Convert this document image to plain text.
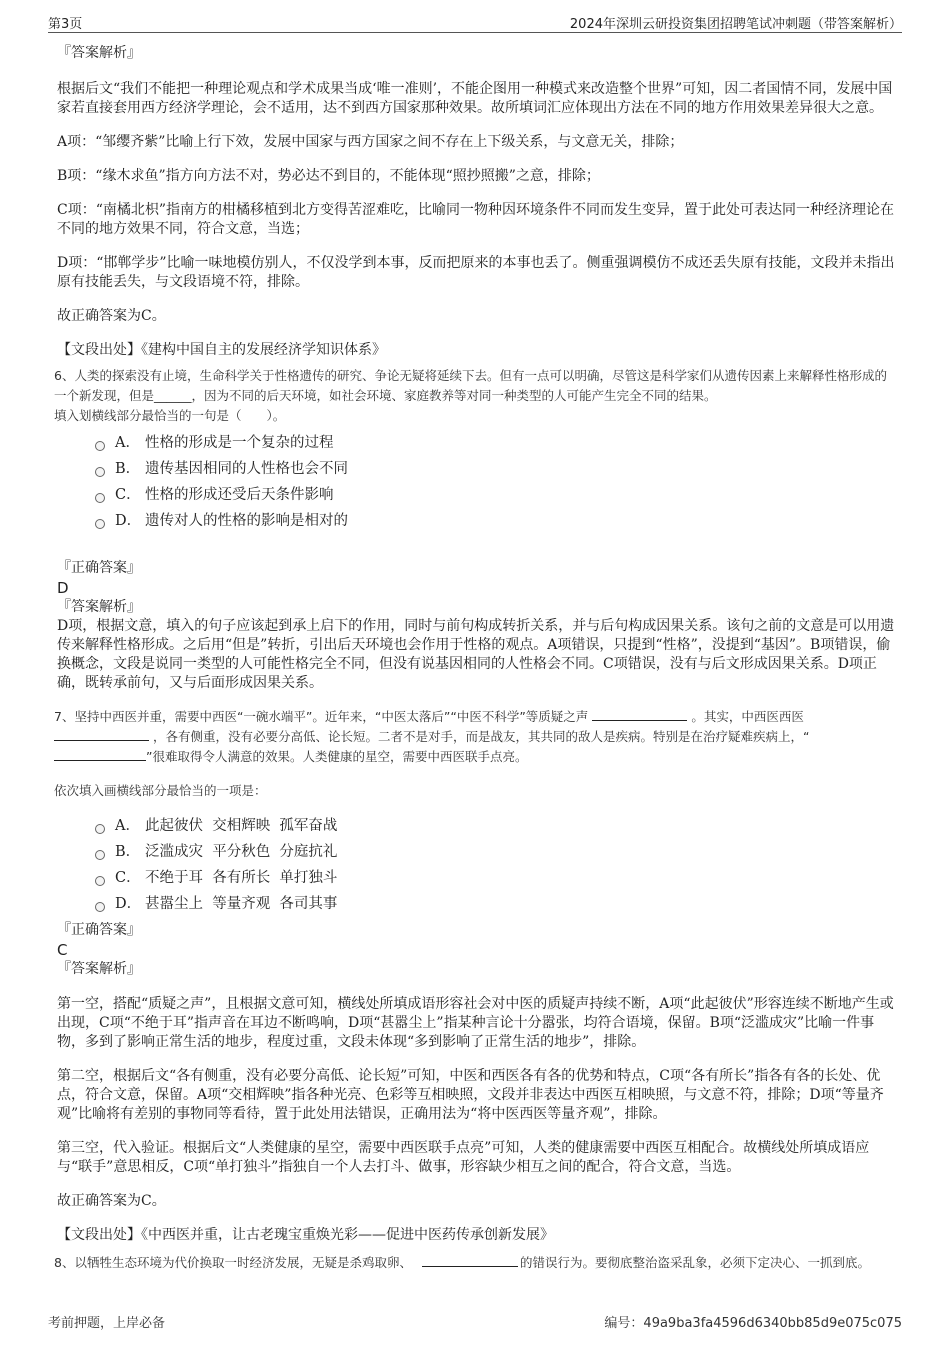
第3页	2024年深圳云研投资集团招聘笔试冲刺题（带答案解析）

『答案解析』

根据后文“我们不能把一种理论观点和学术成果当成‘唯一准则’，不能企图用一种模式来改造整个世界”可知，因二者国情不同，发展中国家若直接套用西方经济学理论，会不适用，达不到西方国家那种效果。故所填词汇应体现出方法在不同的地方作用效果差异很大之意。

A项：“邹缨齐紫”比喻上行下效，发展中国家与西方国家之间不存在上下级关系，与文意无关，排除；

B项：“缘木求鱼”指方向方法不对，势必达不到目的，不能体现“照抄照搬”之意，排除；

C项：“南橘北枳”指南方的柑橘移植到北方变得苦涩难吃，比喻同一物种因环境条件不同而发生变异，置于此处可表达同一种经济理论在不同的地方效果不同，符合文意，当选；

D项：“邯郸学步”比喻一味地模仿别人，不仅没学到本事，反而把原来的本事也丢了。侧重强调模仿不成还丢失原有技能，文段并未指出原有技能丢失，与文段语境不符，排除。

故正确答案为C。

【文段出处】《建构中国自主的发展经济学知识体系》

6、人类的探索没有止境，生命科学关于性格遗传的研究、争论无疑将延续下去。但有一点可以明确，尽管这是科学家们从遗传因素上来解释性格形成的一个新发现，但是______，因为不同的后天环境，如社会环境、家庭教养等对同一种类型的人可能产生完全不同的结果。

填入划横线部分最恰当的一句是（　　）。

A． 性格的形成是一个复杂的过程
B． 遗传基因相同的人性格也会不同
C． 性格的形成还受后天条件影响
D． 遗传对人的性格的影响是相对的

『正确答案』

D

『答案解析』

D项，根据文意，填入的句子应该起到承上启下的作用，同时与前句构成转折关系，并与后句构成因果关系。该句之前的文意是可以用遗传来解释性格形成。之后用“但是”转折，引出后天环境也会作用于性格的观点。A项错误，只提到“性格”，没提到“基因”。B项错误，偷换概念，文段是说同一类型的人可能性格完全不同，但没有说基因相同的人性格会不同。C项错误，没有与后文形成因果关系。D项正确，既转承前句，又与后面形成因果关系。

7、坚持中西医并重，需要中西医“一碗水端平”。近年来，“中医太落后”“中医不科学”等质疑之声	。其实，中西医西医
，各有侧重，没有必要分高低、论长短。二者不是对手，而是战友，其共同的敌人是疾病。特别是在治疗疑难疾病上，“
”很难取得令人满意的效果。人类健康的星空，需要中西医联手点亮。

依次填入画横线部分最恰当的一项是：

A． 此起彼伏  交相辉映  孤军奋战
B． 泛滥成灾  平分秋色  分庭抗礼
C． 不绝于耳  各有所长  单打独斗
D． 甚嚣尘上  等量齐观  各司其事

『正确答案』

C

『答案解析』

第一空，搭配“质疑之声”，且根据文意可知，横线处所填成语形容社会对中医的质疑声持续不断，A项“此起彼伏”形容连续不断地产生或出现，C项“不绝于耳”指声音在耳边不断鸣响，D项“甚嚣尘上”指某种言论十分嚣张，均符合语境，保留。B项“泛滥成灾”比喻一件事物，多到了影响正常生活的地步，程度过重，文段未体现“多到影响了正常生活的地步”，排除。

第二空，根据后文“各有侧重，没有必要分高低、论长短”可知，中医和西医各有各的优势和特点，C项“各有所长”指各有各的长处、优点，符合文意，保留。A项“交相辉映”指各种光亮、色彩等互相映照，文段并非表达中西医互相映照，与文意不符，排除；D项“等量齐观”比喻将有差别的事物同等看待，置于此处用法错误，正确用法为“将中医西医等量齐观”，排除。

第三空，代入验证。根据后文“人类健康的星空，需要中西医联手点亮”可知，人类的健康需要中西医互相配合。故横线处所填成语应与“联手”意思相反，C项“单打独斗”指独自一个人去打斗、做事，形容缺少相互之间的配合，符合文意，当选。

故正确答案为C。

【文段出处】《中西医并重，让古老瑰宝重焕光彩——促进中医药传承创新发展》

8、以牺牲生态环境为代价换取一时经济发展，无疑是杀鸡取卵、	的错误行为。要彻底整治盗采乱象，必须下定决心、一抓到底。

考前押题，上岸必备	编号：49a9ba3fa4596d6340bb85d9e075c075
